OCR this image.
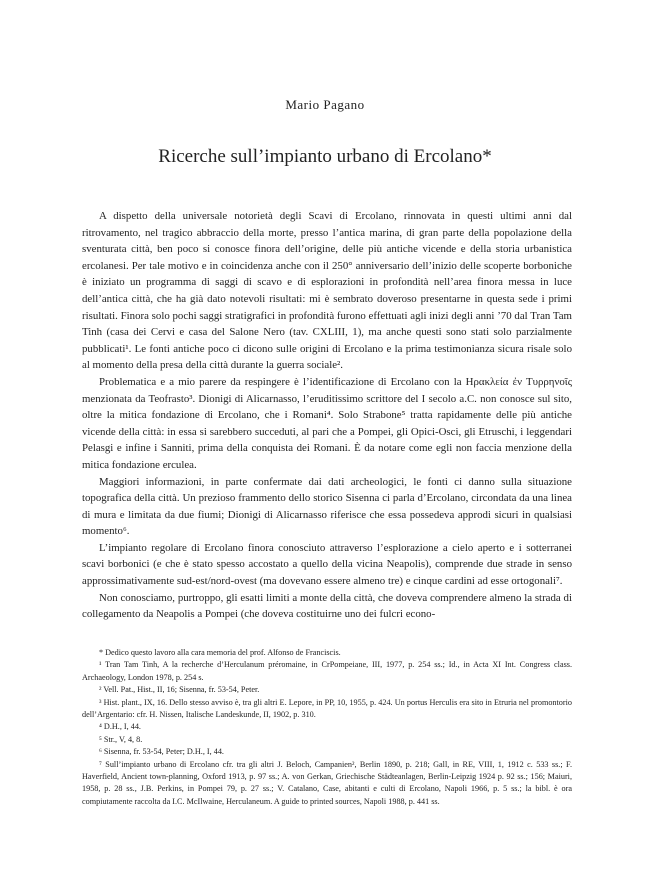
Mario Pagano
Ricerche sull’impianto urbano di Ercolano*

A dispetto della universale notorietà degli Scavi di Ercolano, rinnovata in questi ultimi anni dal ritrovamento, nel tragico abbraccio della morte, presso l’antica marina, di gran parte della popolazione della sventurata città, ben poco si conosce finora dell’origine, delle più antiche vicende e della storia urbanistica ercolanesi. Per tale motivo e in coincidenza anche con il 250° anniversario dell’inizio delle scoperte borboniche è iniziato un programma di saggi di scavo e di esplorazioni in profondità nell’area finora messa in luce dell’antica città, che ha già dato notevoli risultati: mi è sembrato doveroso presentarne in questa sede i primi risultati. Finora solo pochi saggi stratigrafici in profondità furono effettuati agli inizi degli anni ’70 dal Tran Tam Tinh (casa dei Cervi e casa del Salone Nero (tav. CXLIII, 1), ma anche questi sono stati solo parzialmente pubblicati¹. Le fonti antiche poco ci dicono sulle origini di Ercolano e la prima testimonianza sicura risale solo al momento della presa della città durante la guerra sociale².

Problematica e a mio parere da respingere è l’identificazione di Ercolano con la Ηρακλεία ἐν Τυρρηνοῖς menzionata da Teofrasto³. Dionigi di Alicarnasso, l’eruditissimo scrittore del I secolo a.C. non conosce sul sito, oltre la mitica fondazione di Ercolano, che i Romani⁴. Solo Strabone⁵ tratta rapidamente delle più antiche vicende della città: in essa si sarebbero succeduti, al pari che a Pompei, gli Opici-Osci, gli Etruschi, i leggendari Pelasgi e infine i Sanniti, prima della conquista dei Romani. È da notare come egli non faccia menzione della mitica fondazione erculea.

Maggiori informazioni, in parte confermate dai dati archeologici, le fonti ci danno sulla situazione topografica della città. Un prezioso frammento dello storico Sisenna ci parla d’Ercolano, circondata da una linea di mura e limitata da due fiumi; Dionigi di Alicarnasso riferisce che essa possedeva approdi sicuri in qualsiasi momento⁶.

L’impianto regolare di Ercolano finora conosciuto attraverso l’esplorazione a cielo aperto e i sotterranei scavi borbonici (e che è stato spesso accostato a quello della vicina Neapolis), comprende due strade in senso approssimativamente sud-est/nord-ovest (ma dovevano essere almeno tre) e cinque cardini ad esse ortogonali⁷.

Non conosciamo, purtroppo, gli esatti limiti a monte della città, che doveva comprendere almeno la strada di collegamento da Neapolis a Pompei (che doveva costituirne uno dei fulcri econo-

* Dedico questo lavoro alla cara memoria del prof. Alfonso de Franciscis.

¹ Tran Tam Tinh, A la recherche d’Herculanum préromaine, in CrPompeiane, III, 1977, p. 254 ss.; Id., in Acta XI Int. Congress class. Archaeology, London 1978, p. 254 s.

² Vell. Pat., Hist., II, 16; Sisenna, fr. 53-54, Peter.

³ Hist. plant., IX, 16. Dello stesso avviso è, tra gli altri E. Lepore, in PP, 10, 1955, p. 424. Un portus Herculis era sito in Etruria nel promontorio dell’Argentario: cfr. H. Nissen, Italische Landeskunde, II, 1902, p. 310.

⁴ D.H., I, 44.

⁵ Str., V, 4, 8.

⁶ Sisenna, fr. 53-54, Peter; D.H., I, 44.

⁷ Sull’impianto urbano di Ercolano cfr. tra gli altri J. Beloch, Campanien², Berlin 1890, p. 218; Gall, in RE, VIII, 1, 1912 c. 533 ss.; F. Haverfield, Ancient town-planning, Oxford 1913, p. 97 ss.; A. von Gerkan, Griechische Städteanlagen, Berlin-Leipzig 1924 p. 92 ss.; 156; Maiuri, 1958, p. 28 ss., J.B. Perkins, in Pompei 79, p. 27 ss.; V. Catalano, Case, abitanti e culti di Ercolano, Napoli 1966, p. 5 ss.; la bibl. è ora compiutamente raccolta da I.C. McIlwaine, Herculaneum. A guide to printed sources, Napoli 1988, p. 441 ss.
